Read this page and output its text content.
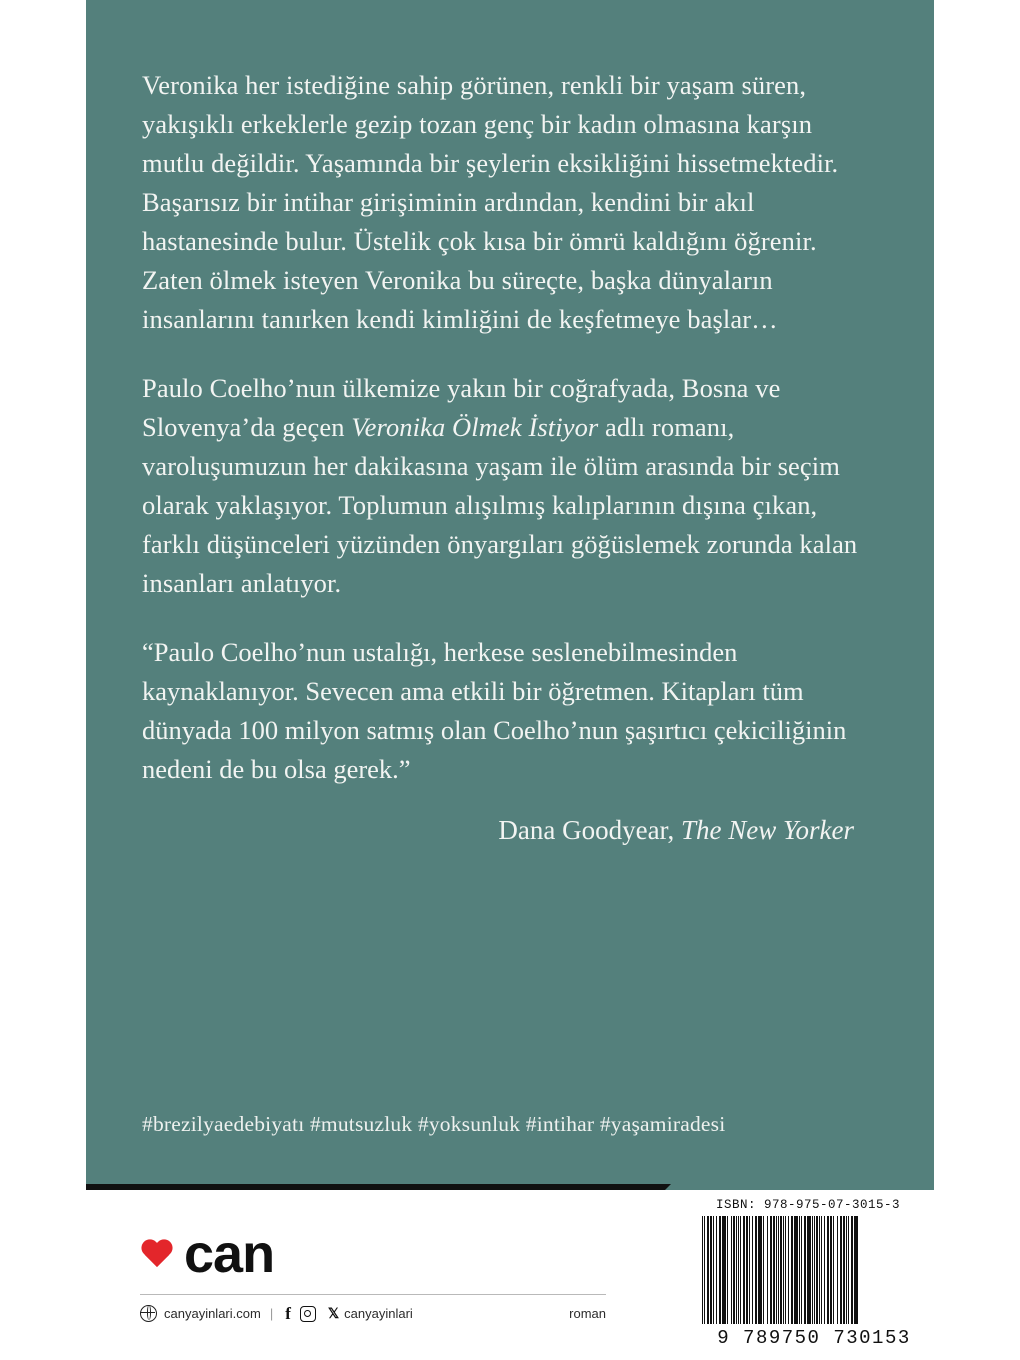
Veronika her istediğine sahip görünen, renkli bir yaşam süren, yakışıklı erkeklerle gezip tozan genç bir kadın olmasına karşın mutlu değildir. Yaşamında bir şeylerin eksikliğini hissetmektedir. Başarısız bir intihar girişiminin ardından, kendini bir akıl hastanesinde bulur. Üstelik çok kısa bir ömrü kaldığını öğrenir. Zaten ölmek isteyen Veronika bu süreçte, başka dünyaların insanlarını tanırken kendi kimliğini de keşfetmeye başlar…

Paulo Coelho’nun ülkemize yakın bir coğrafyada, Bosna ve Slovenya’da geçen Veronika Ölmek İstiyor adlı romanı, varoluşumuzun her dakikasına yaşam ile ölüm arasında bir seçim olarak yaklaşıyor. Toplumun alışılmış kalıplarının dışına çıkan, farklı düşünceleri yüzünden önyargıları göğüslemek zorunda kalan insanları anlatıyor.

“Paulo Coelho’nun ustalığı, herkese seslenebilmesinden kaynaklanıyor. Sevecen ama etkili bir öğretmen. Kitapları tüm dünyada 100 milyon satmış olan Coelho’nun şaşırtıcı çekiciliğinin nedeni de bu olsa gerek.”

Dana Goodyear, The New Yorker

#brezilyaedebiyatı #mutsuzluk #yoksunluk #intihar #yaşamiradesi
can
canyayinlari.com | f	𝕏 canyayinlari	roman
ISBN: 978-975-07-3015-3
9 789750 730153
